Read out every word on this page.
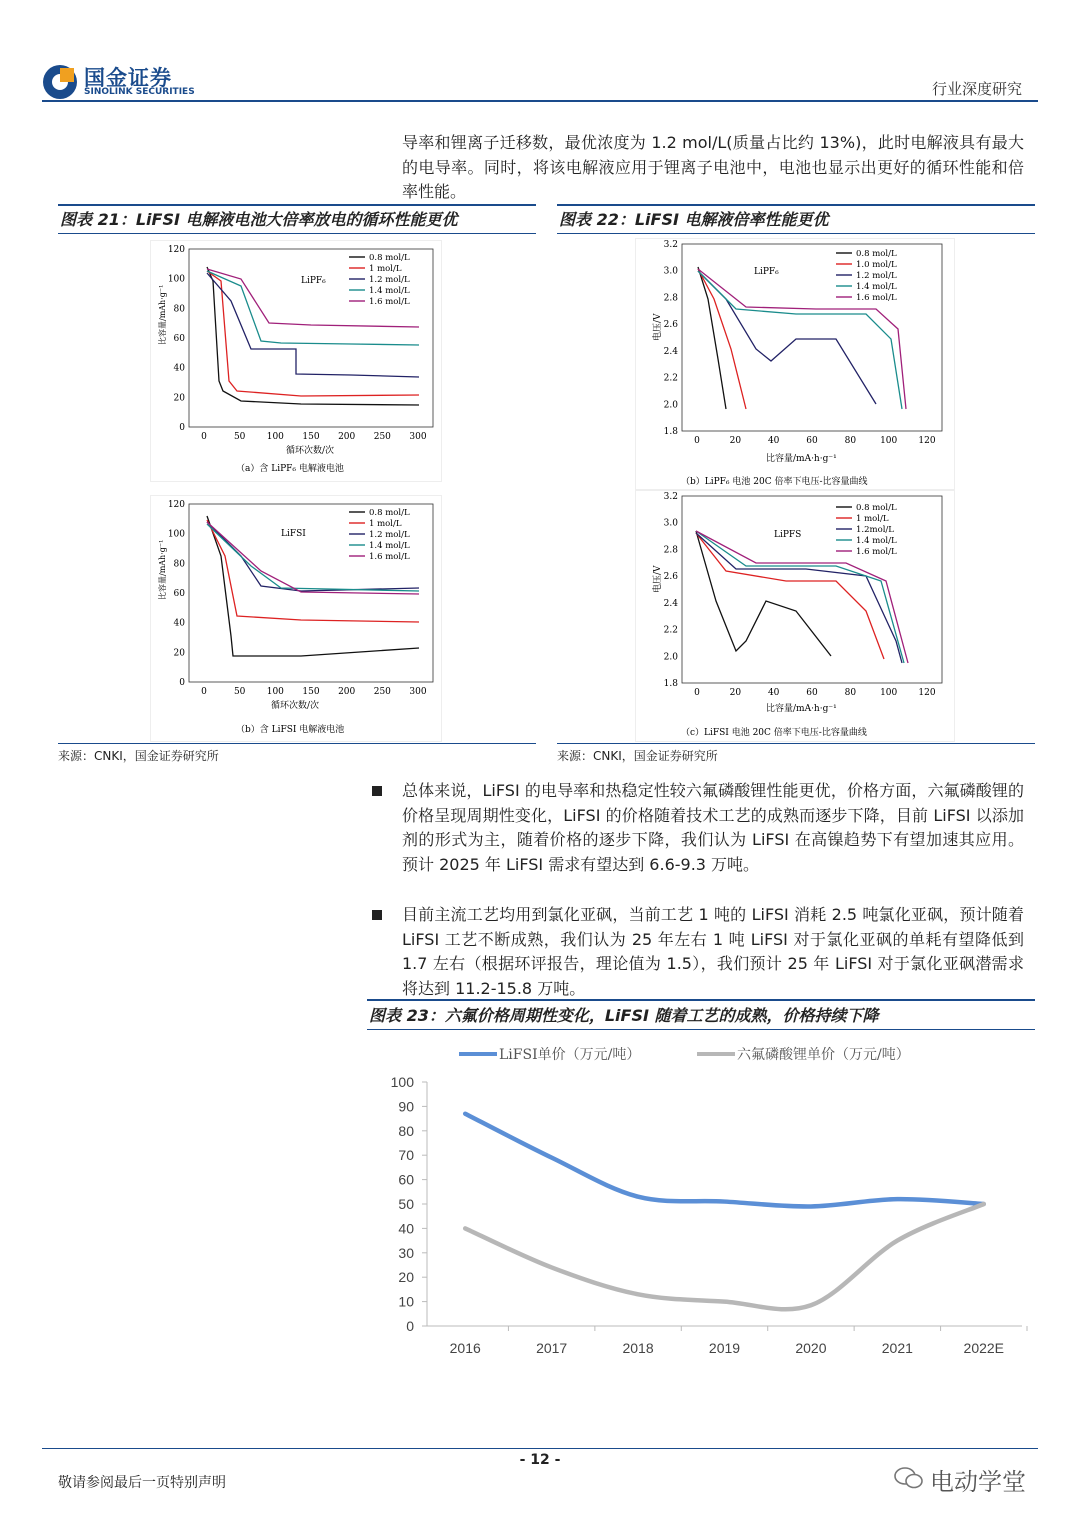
国金证券
SINOLINK SECURITIES	行业深度研究
导率和锂离子迁移数，最优浓度为 1.2 mol/L(质量占比约 13%)，此时电解液具有最大的电导率。同时，将该电解液应用于锂离子电池中，电池也显示出更好的循环性能和倍率性能。
图表 21：LiFSI 电解液电池大倍率放电的循环性能更优	图表 22：LiFSI 电解液倍率性能更优
0
20
40
60
80
100
120
0	50 100 150 200 250 300
LiPF₆
比容量/mAh·g⁻¹
循环次数/次
（a）含 LiPF₆ 电解液电池
0.8 mol/L
1 mol/L
1.2 mol/L
1.4 mol/L
1.6 mol/L
0
20
40
60
80
100
120
0	50 100 150 200 250 300
LiFSI
比容量/mAh·g⁻¹
循环次数/次
（b）含 LiFSI 电解液电池
0.8 mol/L
1 mol/L
1.2 mol/L
1.4 mol/L
1.6 mol/L
1.8
2.0
2.2
2.4
2.6
2.8
3.0
3.2
0	20	40	60	80	100 120
LiPF₆
电压/V
比容量/mA·h·g⁻¹
（b）LiPF₆ 电池 20C 倍率下电压-比容量曲线
0.8 mol/L
1.0 mol/L
1.2 mol/L
1.4 mol/L
1.6 mol/L
1.8
2.0
2.2
2.4
2.6
2.8
3.0
3.2
0	20	40	60	80	100 120
LiPFS
电压/V
比容量/mA·h·g⁻¹
（c）LiFSI 电池 20C 倍率下电压-比容量曲线
0.8 mol/L
1 mol/L
1.2mol/L
1.4 mol/L
1.6 mol/L
来源：CNKI，国金证券研究所	来源：CNKI，国金证券研究所
总体来说，LiFSI 的电导率和热稳定性较六氟磷酸锂性能更优，价格方面，六氟磷酸锂的价格呈现周期性变化，LiFSI 的价格随着技术工艺的成熟而逐步下降，目前 LiFSI 以添加剂的形式为主，随着价格的逐步下降，我们认为 LiFSI 在高镍趋势下有望加速其应用。预计 2025 年 LiFSI 需求有望达到 6.6-9.3 万吨。
目前主流工艺均用到氯化亚砜，当前工艺 1 吨的 LiFSI 消耗 2.5 吨氯化亚砜，预计随着 LiFSI 工艺不断成熟，我们认为 25 年左右 1 吨 LiFSI 对于氯化亚砜的单耗有望降低到 1.7 左右（根据环评报告，理论值为 1.5），我们预计 25 年 LiFSI 对于氯化亚砜潜需求将达到 11.2-15.8 万吨。
图表 23：六氟价格周期性变化，LiFSI 随着工艺的成熟，价格持续下降
LiFSI单价（万元/吨）	六氟磷酸锂单价（万元/吨）
0
10
20
30
40
50
60
70
80
90
100
2016	2017	2018	2019	2020	2021	2022E
- 12 -
敬请参阅最后一页特别声明	电动学堂
